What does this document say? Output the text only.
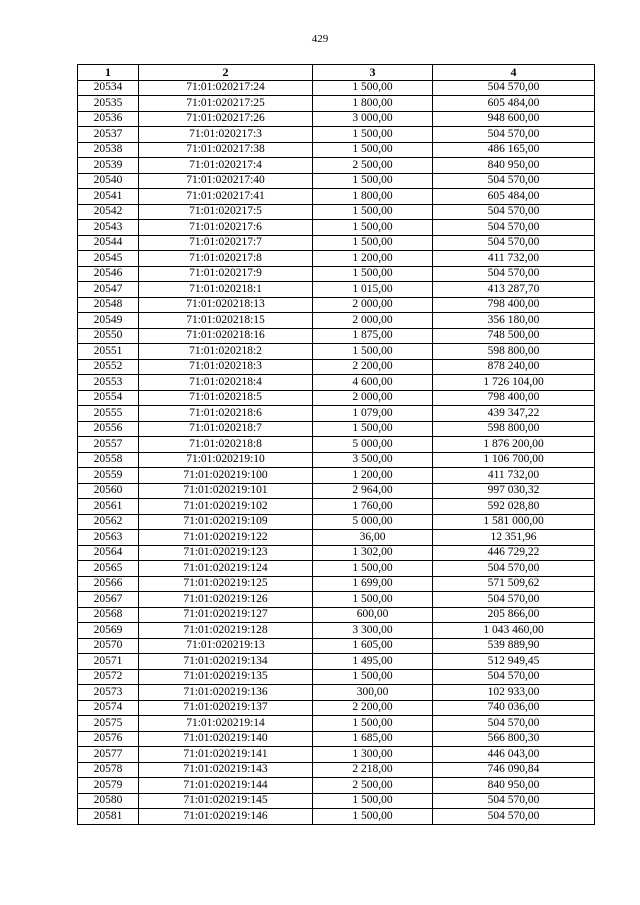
429
1	2	3	4
20534	71:01:020217:24	1 500,00	504 570,00
20535	71:01:020217:25	1 800,00	605 484,00
20536	71:01:020217:26	3 000,00	948 600,00
20537	71:01:020217:3	1 500,00	504 570,00
20538	71:01:020217:38	1 500,00	486 165,00
20539	71:01:020217:4	2 500,00	840 950,00
20540	71:01:020217:40	1 500,00	504 570,00
20541	71:01:020217:41	1 800,00	605 484,00
20542	71:01:020217:5	1 500,00	504 570,00
20543	71:01:020217:6	1 500,00	504 570,00
20544	71:01:020217:7	1 500,00	504 570,00
20545	71:01:020217:8	1 200,00	411 732,00
20546	71:01:020217:9	1 500,00	504 570,00
20547	71:01:020218:1	1 015,00	413 287,70
20548	71:01:020218:13	2 000,00	798 400,00
20549	71:01:020218:15	2 000,00	356 180,00
20550	71:01:020218:16	1 875,00	748 500,00
20551	71:01:020218:2	1 500,00	598 800,00
20552	71:01:020218:3	2 200,00	878 240,00
20553	71:01:020218:4	4 600,00	1 726 104,00
20554	71:01:020218:5	2 000,00	798 400,00
20555	71:01:020218:6	1 079,00	439 347,22
20556	71:01:020218:7	1 500,00	598 800,00
20557	71:01:020218:8	5 000,00	1 876 200,00
20558	71:01:020219:10	3 500,00	1 106 700,00
20559	71:01:020219:100	1 200,00	411 732,00
20560	71:01:020219:101	2 964,00	997 030,32
20561	71:01:020219:102	1 760,00	592 028,80
20562	71:01:020219:109	5 000,00	1 581 000,00
20563	71:01:020219:122	36,00	12 351,96
20564	71:01:020219:123	1 302,00	446 729,22
20565	71:01:020219:124	1 500,00	504 570,00
20566	71:01:020219:125	1 699,00	571 509,62
20567	71:01:020219:126	1 500,00	504 570,00
20568	71:01:020219:127	600,00	205 866,00
20569	71:01:020219:128	3 300,00	1 043 460,00
20570	71:01:020219:13	1 605,00	539 889,90
20571	71:01:020219:134	1 495,00	512 949,45
20572	71:01:020219:135	1 500,00	504 570,00
20573	71:01:020219:136	300,00	102 933,00
20574	71:01:020219:137	2 200,00	740 036,00
20575	71:01:020219:14	1 500,00	504 570,00
20576	71:01:020219:140	1 685,00	566 800,30
20577	71:01:020219:141	1 300,00	446 043,00
20578	71:01:020219:143	2 218,00	746 090,84
20579	71:01:020219:144	2 500,00	840 950,00
20580	71:01:020219:145	1 500,00	504 570,00
20581	71:01:020219:146	1 500,00	504 570,00
